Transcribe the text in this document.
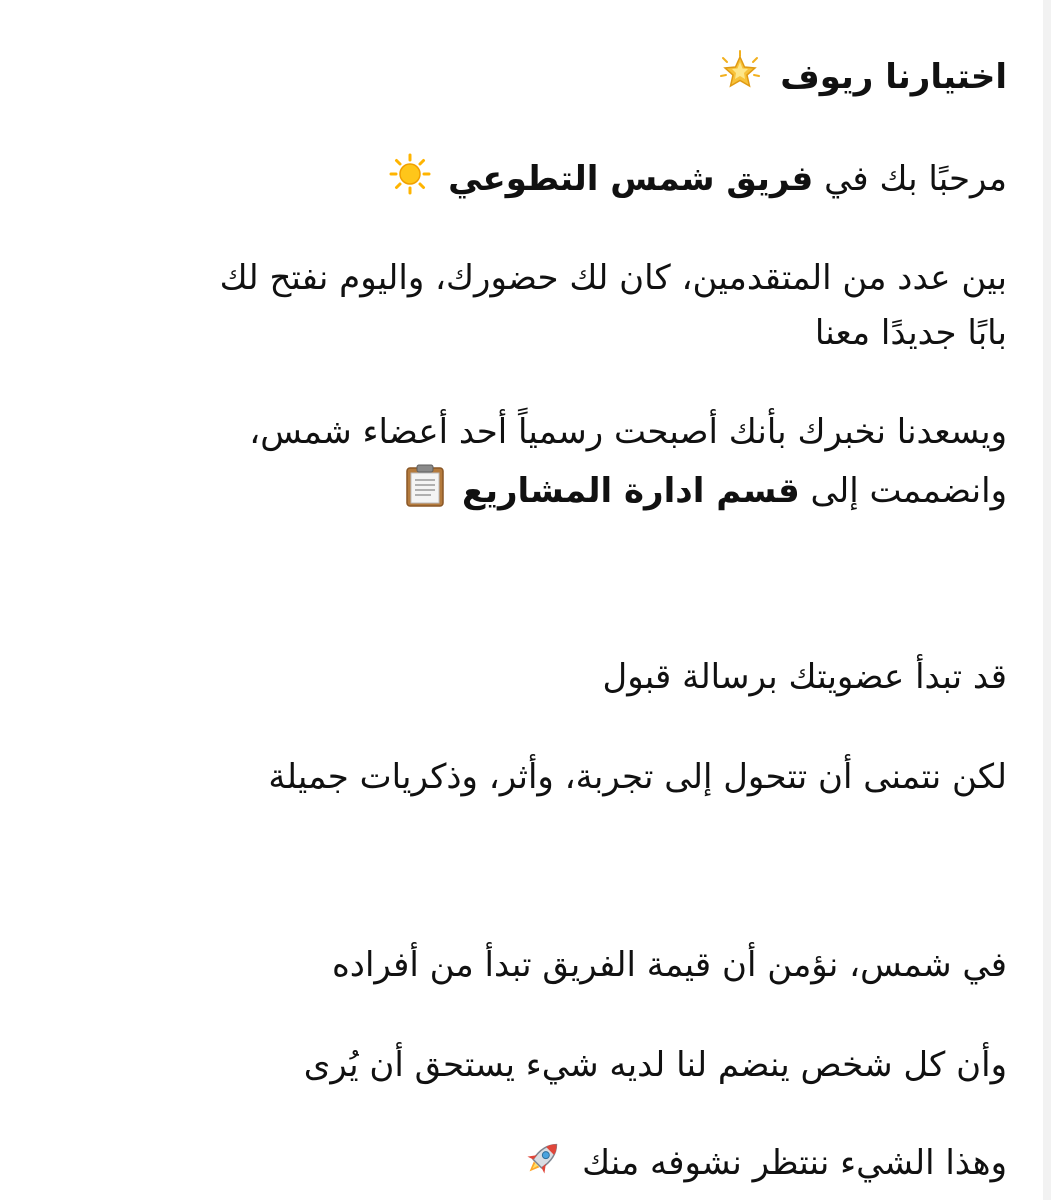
اختيارنا ريوف
مرحبًا بك في فريق شمس التطوعي
بين عدد من المتقدمين، كان لك حضورك، واليوم نفتح لك
بابًا جديدًا معنا
ويسعدنا نخبرك بأنك أصبحت رسمياً أحد أعضاء شمس،
وانضممت إلى قسم ادارة المشاريع
قد تبدأ عضويتك برسالة قبول
لكن نتمنى أن تتحول إلى تجربة، وأثر، وذكريات جميلة
في شمس، نؤمن أن قيمة الفريق تبدأ من أفراده
وأن كل شخص ينضم لنا لديه شيء يستحق أن يُرى
وهذا الشيء ننتظر نشوفه منك
